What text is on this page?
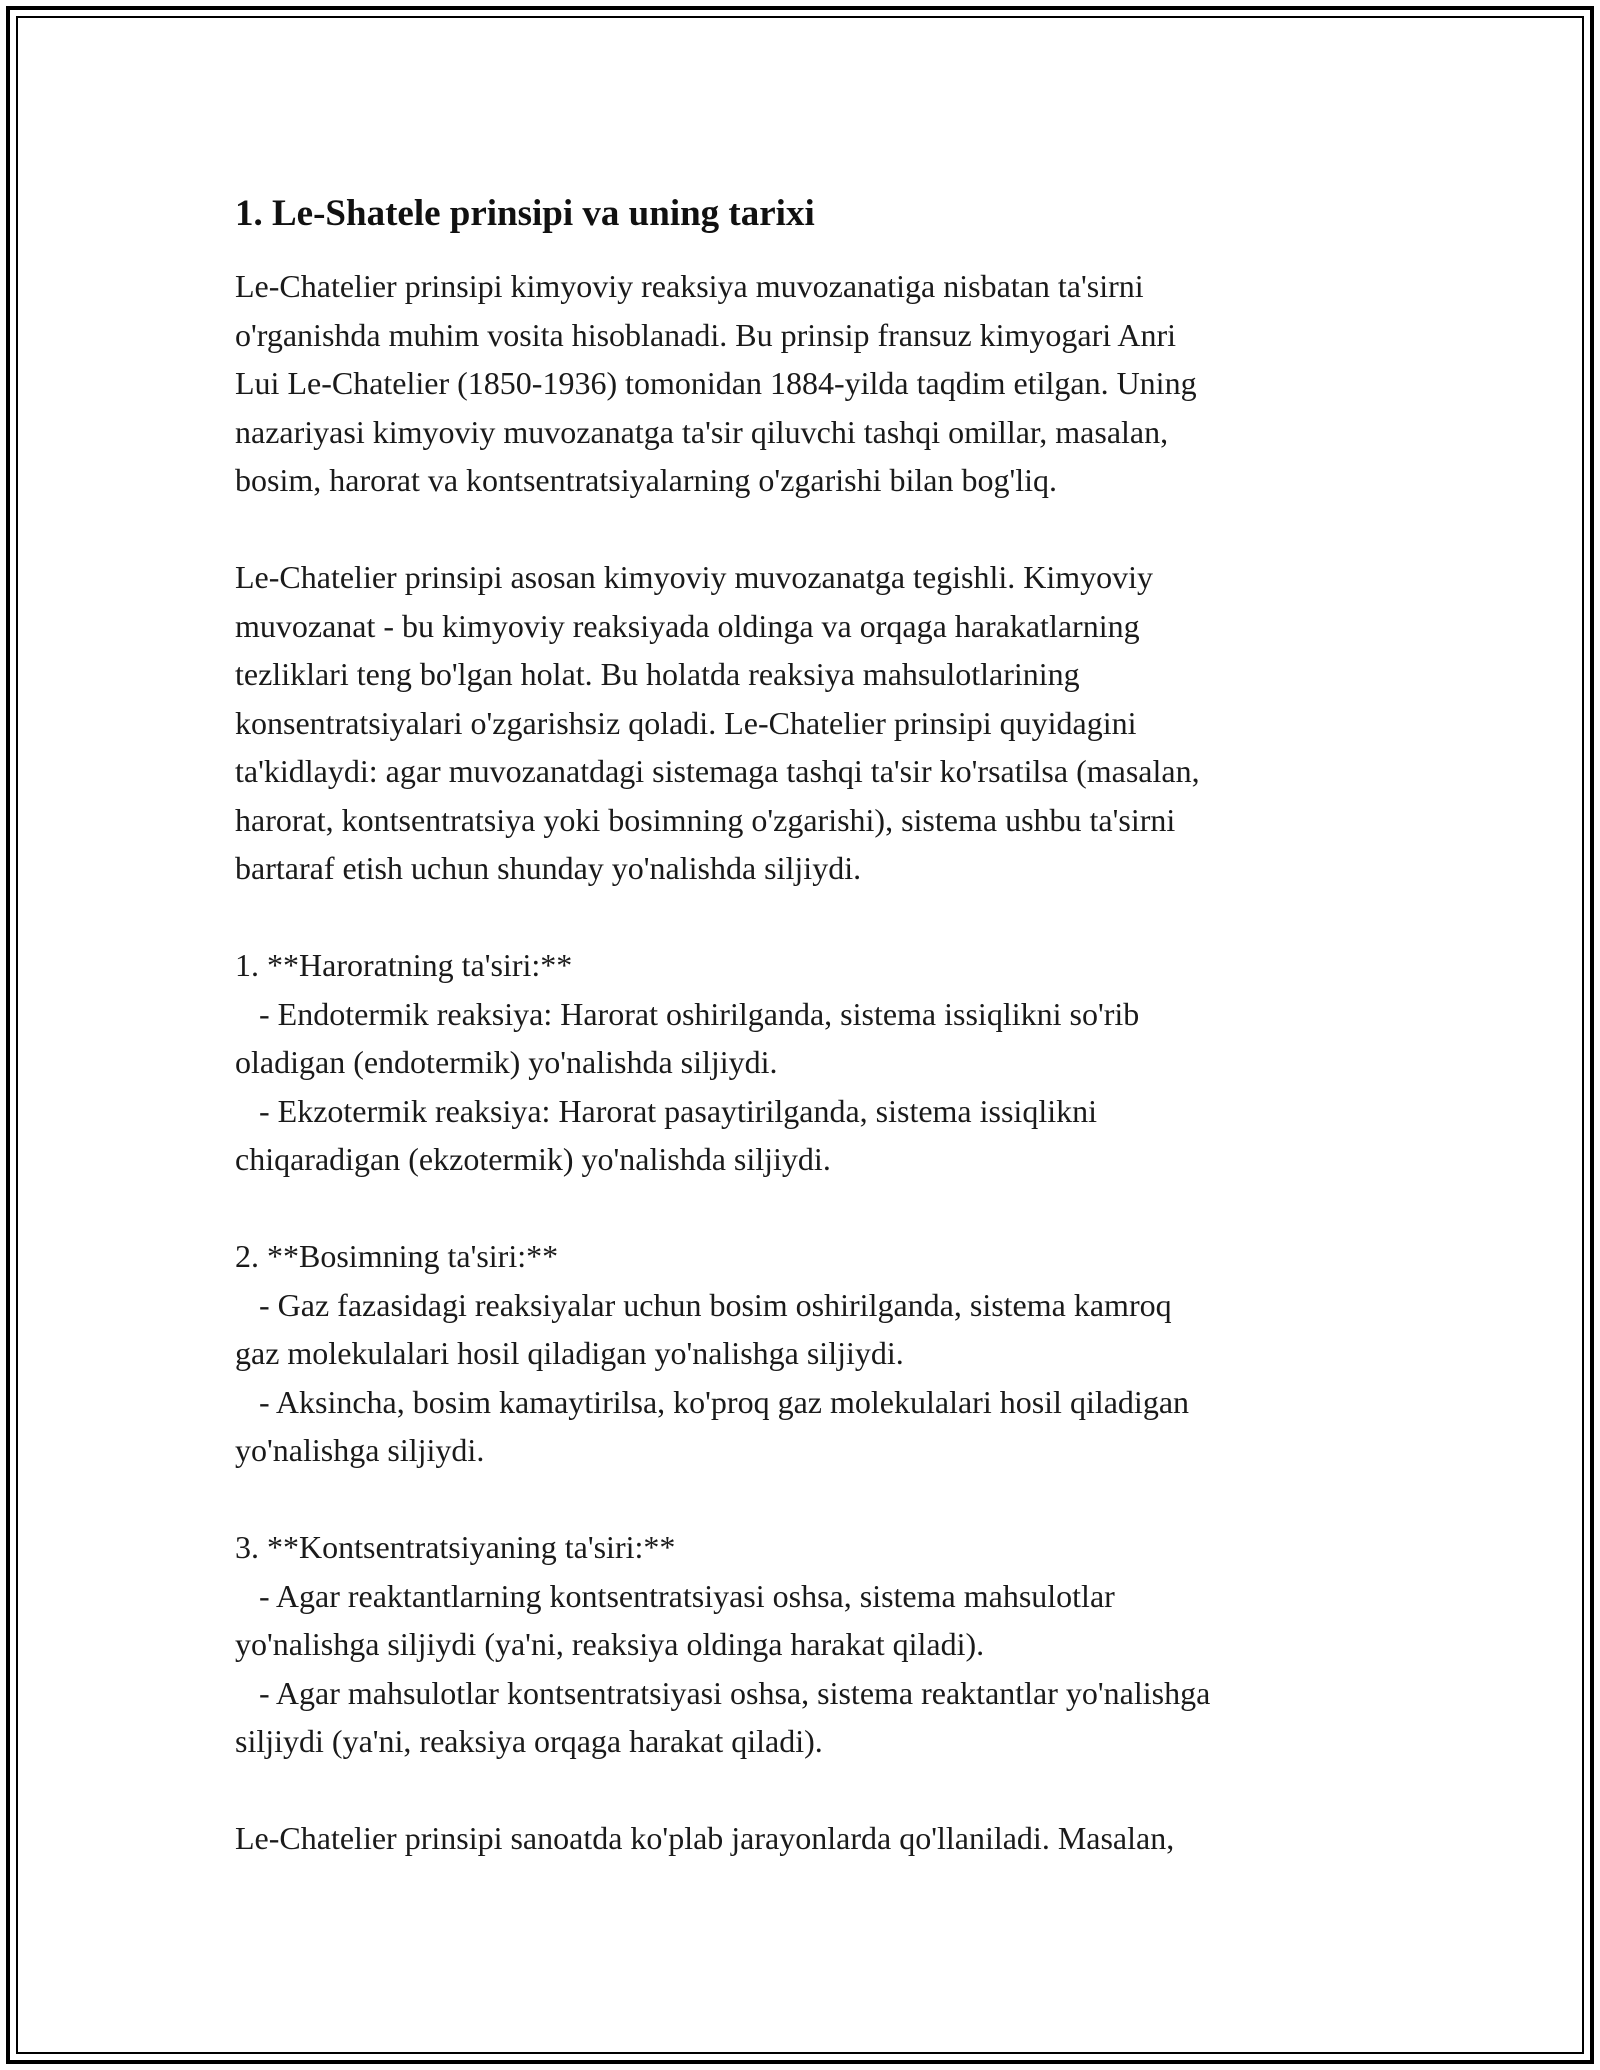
1. Le-Shatele prinsipi va uning tarixi
Le-Chatelier prinsipi kimyoviy reaksiya muvozanatiga nisbatan ta'sirni
o'rganishda muhim vosita hisoblanadi. Bu prinsip fransuz kimyogari Anri
Lui Le-Chatelier (1850-1936) tomonidan 1884-yilda taqdim etilgan. Uning
nazariyasi kimyoviy muvozanatga ta'sir qiluvchi tashqi omillar, masalan,
bosim, harorat va kontsentratsiyalarning o'zgarishi bilan bog'liq.
Le-Chatelier prinsipi asosan kimyoviy muvozanatga tegishli. Kimyoviy
muvozanat - bu kimyoviy reaksiyada oldinga va orqaga harakatlarning
tezliklari teng bo'lgan holat. Bu holatda reaksiya mahsulotlarining
konsentratsiyalari o'zgarishsiz qoladi. Le-Chatelier prinsipi quyidagini
ta'kidlaydi: agar muvozanatdagi sistemaga tashqi ta'sir ko'rsatilsa (masalan,
harorat, kontsentratsiya yoki bosimning o'zgarishi), sistema ushbu ta'sirni
bartaraf etish uchun shunday yo'nalishda siljiydi.
1. **Haroratning ta'siri:**
- Endotermik reaksiya: Harorat oshirilganda, sistema issiqlikni so'rib
oladigan (endotermik) yo'nalishda siljiydi.
- Ekzotermik reaksiya: Harorat pasaytirilganda, sistema issiqlikni
chiqaradigan (ekzotermik) yo'nalishda siljiydi.
2. **Bosimning ta'siri:**
- Gaz fazasidagi reaksiyalar uchun bosim oshirilganda, sistema kamroq
gaz molekulalari hosil qiladigan yo'nalishga siljiydi.
- Aksincha, bosim kamaytirilsa, ko'proq gaz molekulalari hosil qiladigan
yo'nalishga siljiydi.
3. **Kontsentratsiyaning ta'siri:**
- Agar reaktantlarning kontsentratsiyasi oshsa, sistema mahsulotlar
yo'nalishga siljiydi (ya'ni, reaksiya oldinga harakat qiladi).
- Agar mahsulotlar kontsentratsiyasi oshsa, sistema reaktantlar yo'nalishga
siljiydi (ya'ni, reaksiya orqaga harakat qiladi).
Le-Chatelier prinsipi sanoatda ko'plab jarayonlarda qo'llaniladi. Masalan,
